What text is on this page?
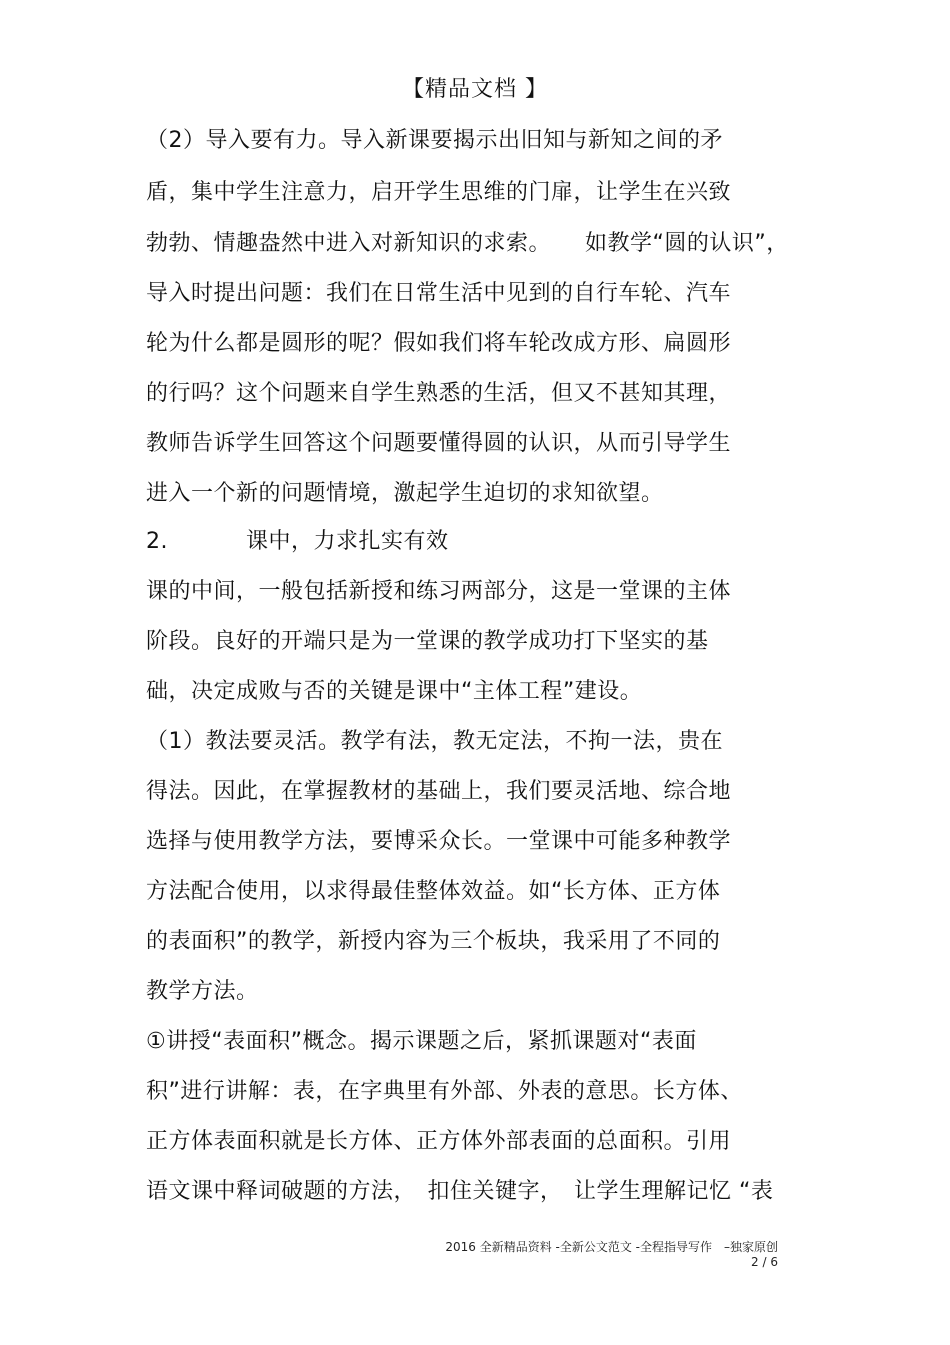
【精品文档 】
（2）导入要有力。导入新课要揭示出旧知与新知之间的矛
盾，集中学生注意力，启开学生思维的门扉，让学生在兴致
勃勃、情趣盎然中进入对新知识的求索。　　如教学“圆的认识”，
导入时提出问题：我们在日常生活中见到的自行车轮、汽车
轮为什么都是圆形的呢？假如我们将车轮改成方形、扁圆形
的行吗？这个问题来自学生熟悉的生活，但又不甚知其理，
教师告诉学生回答这个问题要懂得圆的认识，从而引导学生
进入一个新的问题情境，激起学生迫切的求知欲望。
2.	课中，力求扎实有效
课的中间，一般包括新授和练习两部分，这是一堂课的主体
阶段。良好的开端只是为一堂课的教学成功打下坚实的基
础，决定成败与否的关键是课中“主体工程”建设。
（1）教法要灵活。教学有法，教无定法，不拘一法，贵在
得法。因此，在掌握教材的基础上，我们要灵活地、综合地
选择与使用教学方法，要博采众长。一堂课中可能多种教学
方法配合使用，以求得最佳整体效益。如“长方体、正方体
的表面积”的教学，新授内容为三个板块，我采用了不同的
教学方法。
①讲授“表面积”概念。揭示课题之后，紧抓课题对“表面
积”进行讲解：表，在字典里有外部、外表的意思。长方体、
正方体表面积就是长方体、正方体外部表面的总面积。引用
语文课中释词破题的方法，　扣住关键字，　让学生理解记忆 “表
2016 全新精品资料 -全新公文范文 -全程指导写作　–独家原创
2 / 6
